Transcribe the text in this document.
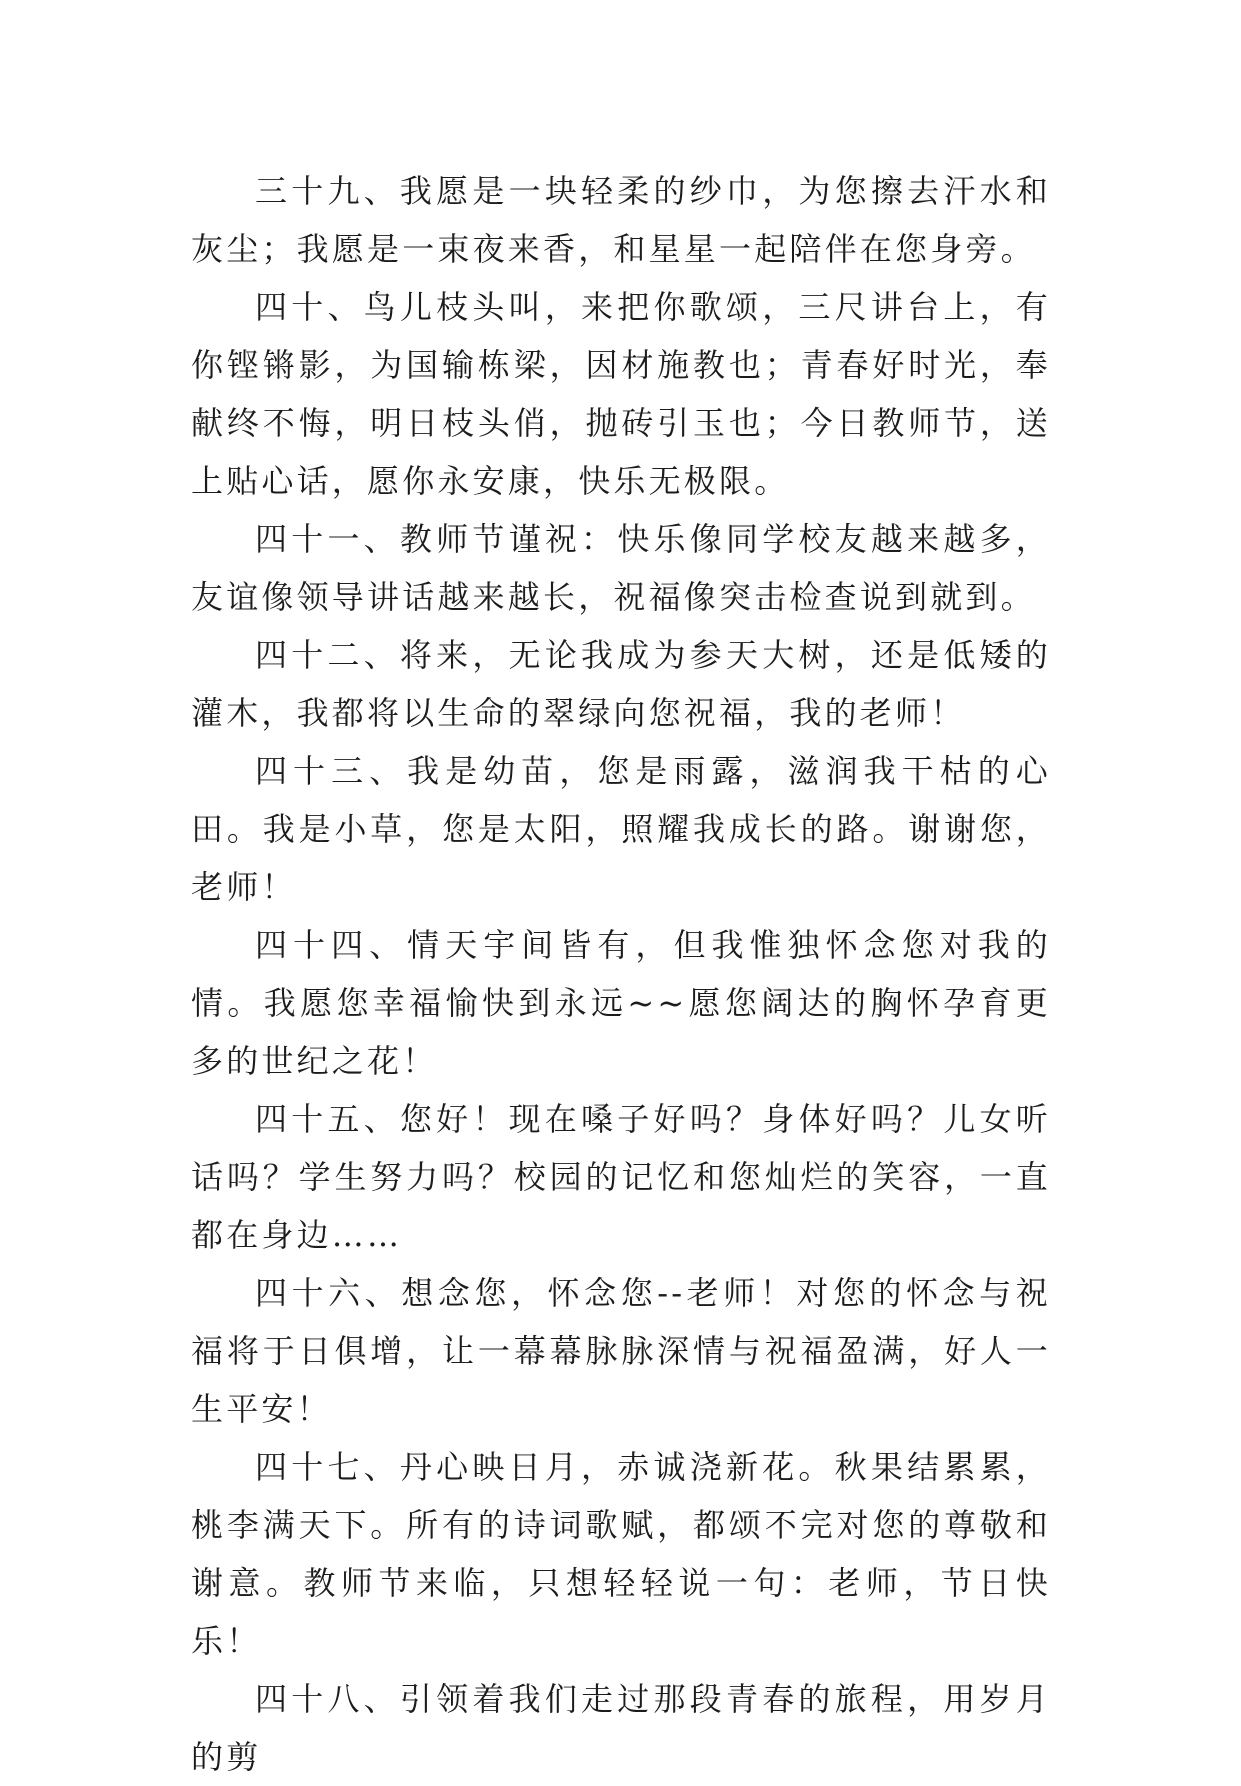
三十九、我愿是一块轻柔的纱巾，为您擦去汗水和灰尘；我愿是一束夜来香，和星星一起陪伴在您身旁。

四十、鸟儿枝头叫，来把你歌颂，三尺讲台上，有你铿锵影，为国输栋梁，因材施教也；青春好时光，奉献终不悔，明日枝头俏，抛砖引玉也；今日教师节，送上贴心话，愿你永安康，快乐无极限。

四十一、教师节谨祝：快乐像同学校友越来越多，友谊像领导讲话越来越长，祝福像突击检查说到就到。

四十二、将来，无论我成为参天大树，还是低矮的灌木，我都将以生命的翠绿向您祝福，我的老师！

四十三、我是幼苗，您是雨露，滋润我干枯的心田。我是小草，您是太阳，照耀我成长的路。谢谢您，老师！

四十四、情天宇间皆有，但我惟独怀念您对我的情。我愿您幸福愉快到永远~~愿您阔达的胸怀孕育更多的世纪之花！

四十五、您好！现在嗓子好吗？身体好吗？儿女听话吗？学生努力吗？校园的记忆和您灿烂的笑容，一直都在身边……

四十六、想念您，怀念您--老师！对您的怀念与祝福将于日俱增，让一幕幕脉脉深情与祝福盈满，好人一生平安！

四十七、丹心映日月，赤诚浇新花。秋果结累累，桃李满天下。所有的诗词歌赋，都颂不完对您的尊敬和谢意。教师节来临，只想轻轻说一句：老师，节日快乐！

四十八、引领着我们走过那段青春的旅程，用岁月的剪
